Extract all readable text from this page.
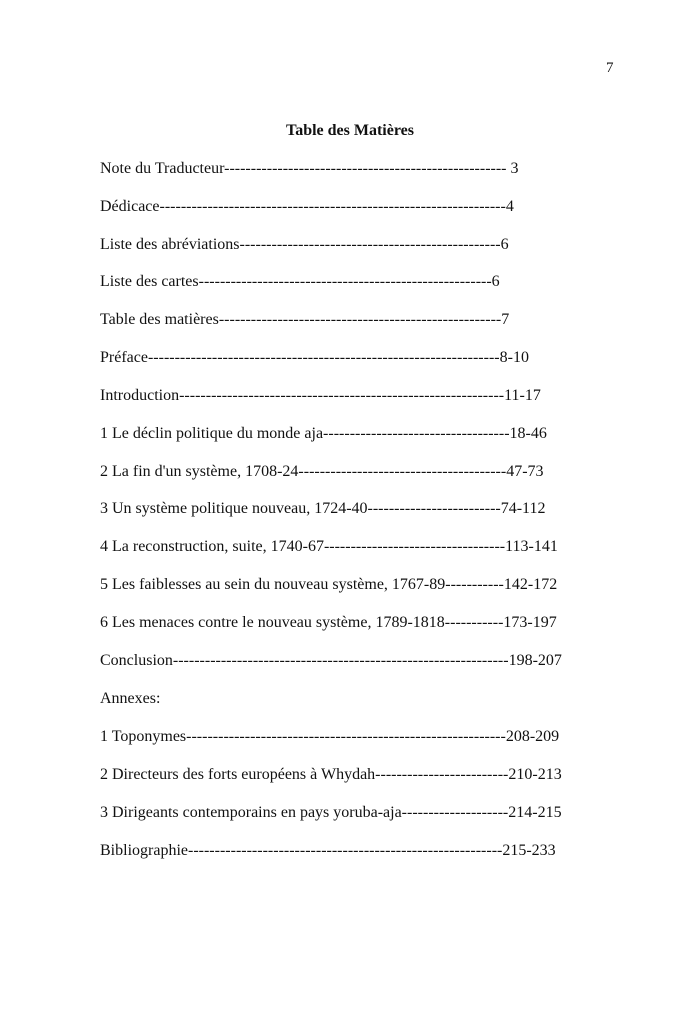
7
Table des Matières
Note du Traducteur----------------------------------------------------- 3
Dédicace-----------------------------------------------------------------4
Liste des abréviations-------------------------------------------------6
Liste des cartes-------------------------------------------------------6
Table des matières-----------------------------------------------------7
Préface------------------------------------------------------------------8-10
Introduction-------------------------------------------------------------11-17
1 Le déclin politique du monde aja-----------------------------------18-46
2 La fin d'un système, 1708-24---------------------------------------47-73
3 Un système politique nouveau, 1724-40-------------------------74-112
4 La reconstruction, suite, 1740-67----------------------------------113-141
5 Les faiblesses au sein du nouveau système, 1767-89-----------142-172
6 Les menaces contre le nouveau système, 1789-1818-----------173-197
Conclusion---------------------------------------------------------------198-207
Annexes:
1 Toponymes------------------------------------------------------------208-209
2 Directeurs des forts européens à Whydah-------------------------210-213
3 Dirigeants contemporains en pays yoruba-aja--------------------214-215
Bibliographie-----------------------------------------------------------215-233
